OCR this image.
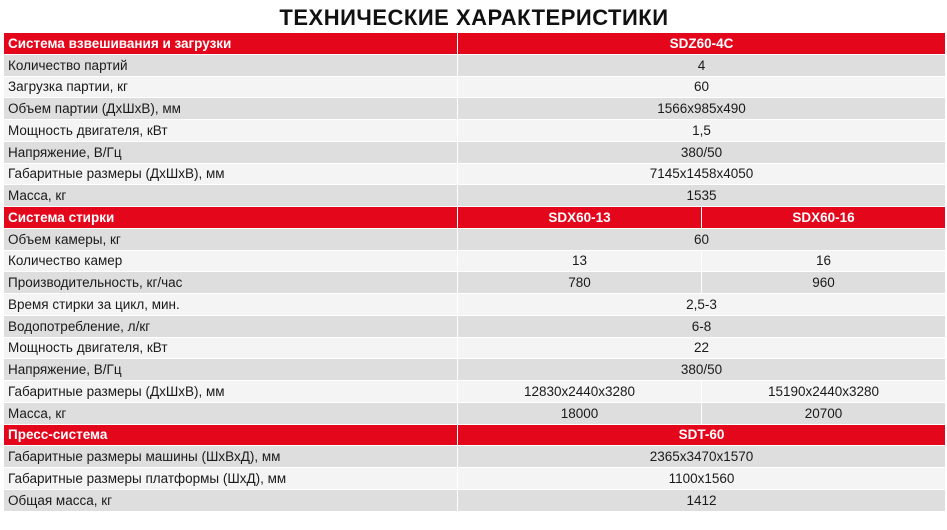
ТЕХНИЧЕСКИЕ ХАРАКТЕРИСТИКИ
Система взвешивания и загрузки	SDZ60-4C	
Количество партий	4	
Загрузка партии, кг	60	
Объем партии (ДхШхВ), мм	1566х985х490	
Мощность двигателя, кВт	1,5	
Напряжение, В/Гц	380/50	
Габаритные размеры (ДхШхВ), мм	7145х1458х4050	
Масса, кг	1535	
Система стирки	SDX60-13	SDX60-16
Объем камеры, кг	60	
Количество камер	13	16
Производительность, кг/час	780	960
Время стирки за цикл, мин.	2,5-3	
Водопотребление, л/кг	6-8	
Мощность двигателя, кВт	22	
Напряжение, В/Гц	380/50	
Габаритные размеры (ДхШхВ), мм	12830х2440х3280	15190х2440х3280
Масса, кг	18000	20700
Пресс-система	SDT-60	
Габаритные размеры машины (ШхВхД), мм	2365х3470х1570	
Габаритные размеры платформы (ШхД), мм	1100х1560	
Общая масса, кг	1412	
